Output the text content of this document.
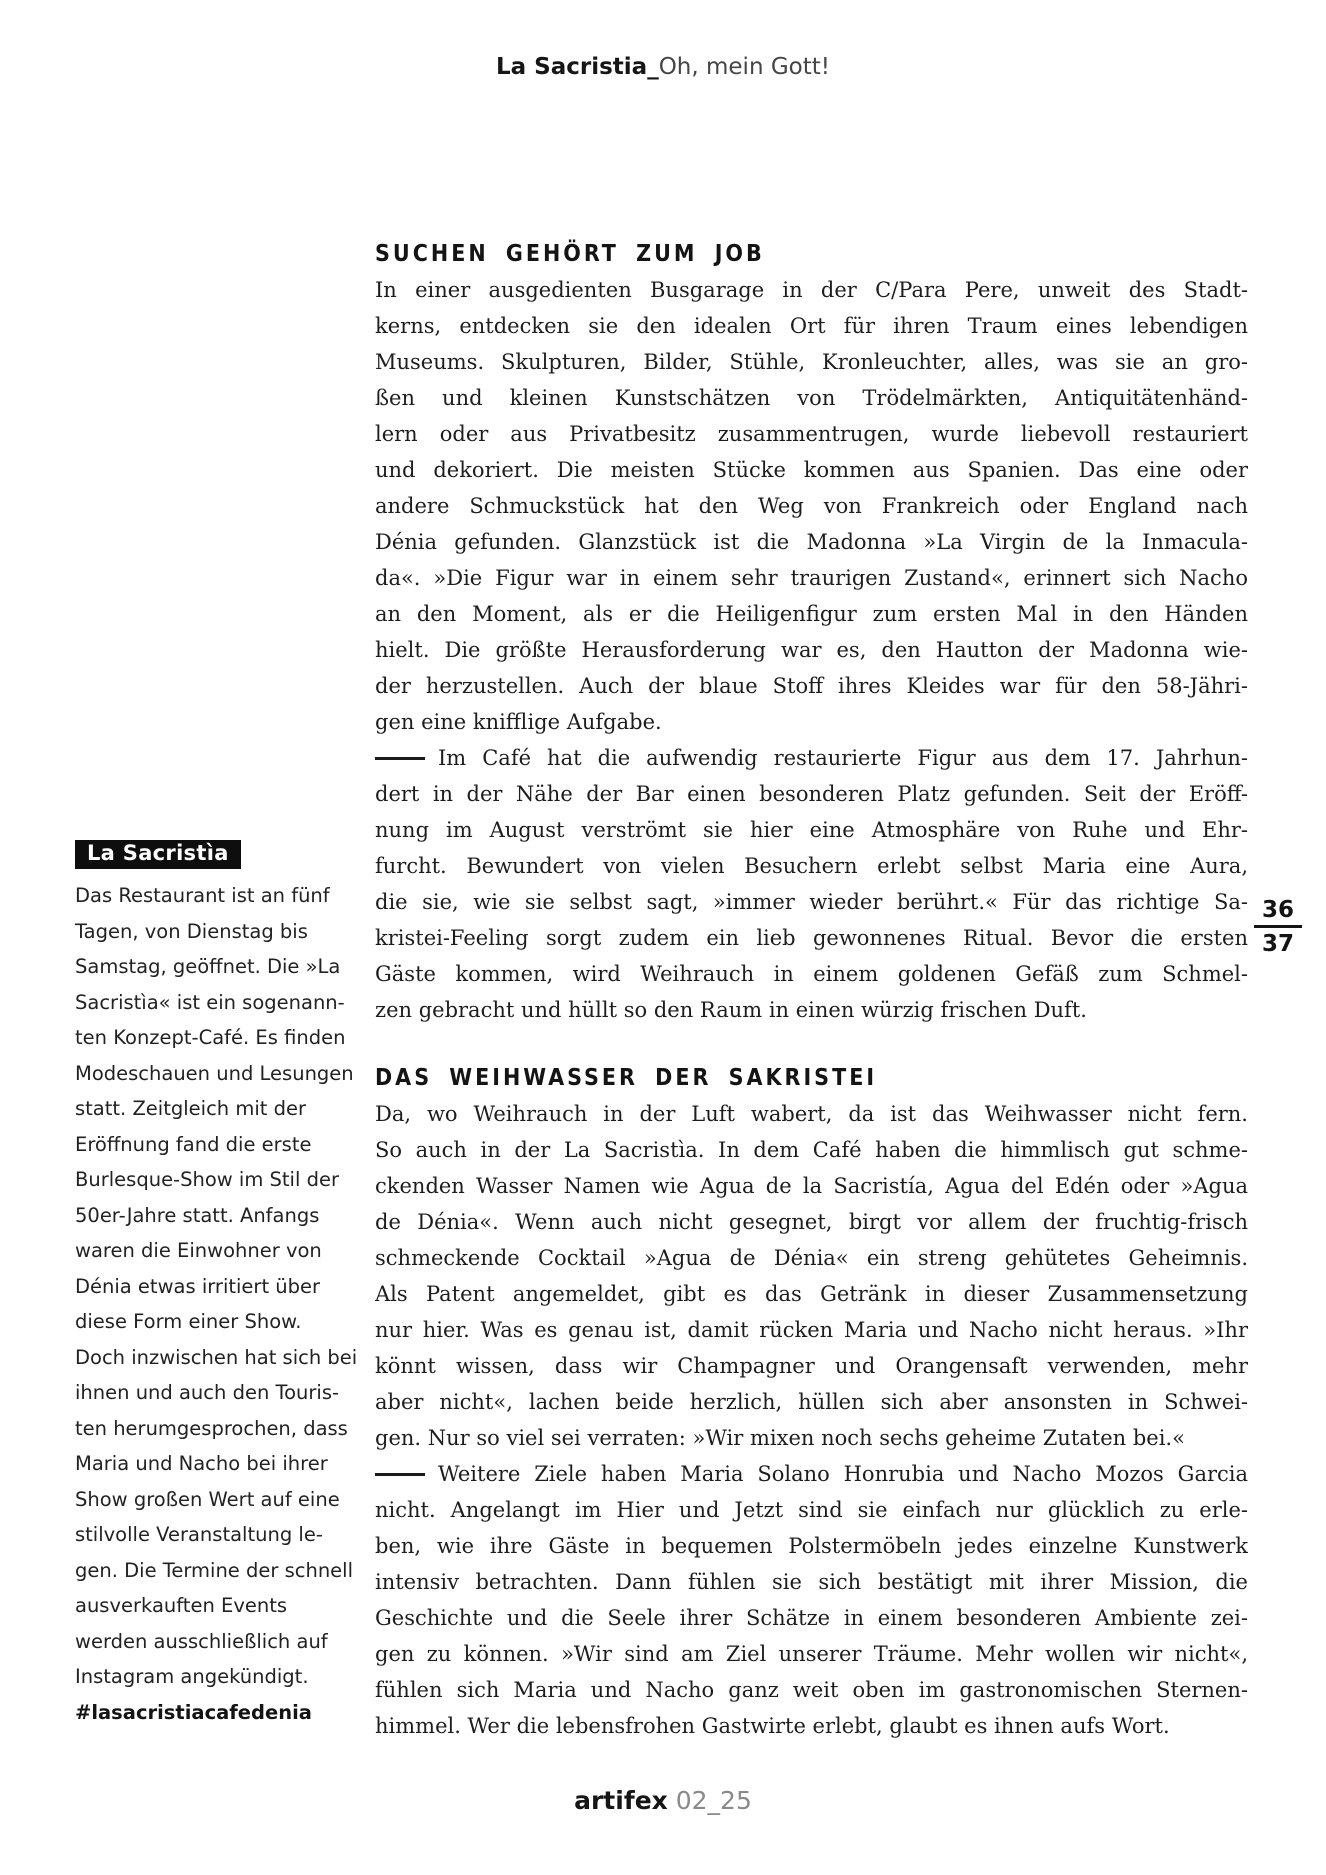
La Sacristia_Oh, mein Gott!
La Sacristìa
Das Restaurant ist an fünf
Tagen, von Dienstag bis
Samstag, geöffnet. Die »La
Sacristìa« ist ein sogenann-
ten Konzept-Café. Es finden
Modeschauen und Lesungen
statt. Zeitgleich mit der
Eröffnung fand die erste
Burlesque-Show im Stil der
50er-Jahre statt. Anfangs
waren die Einwohner von
Dénia etwas irritiert über
diese Form einer Show.
Doch inzwischen hat sich bei
ihnen und auch den Touris-
ten herumgesprochen, dass
Maria und Nacho bei ihrer
Show großen Wert auf eine
stilvolle Veranstaltung le-
gen. Die Termine der schnell
ausverkauften Events
werden ausschließlich auf
Instagram angekündigt.
#lasacristiacafedenia
SUCHEN GEHÖRT ZUM JOB
In einer ausgedienten Busgarage in der C/Para Pere, unweit des Stadt-
kerns, entdecken sie den idealen Ort für ihren Traum eines lebendigen
Museums. Skulpturen, Bilder, Stühle, Kronleuchter, alles, was sie an gro-
ßen und kleinen Kunstschätzen von Trödelmärkten, Antiquitätenhänd-
lern oder aus Privatbesitz zusammentrugen, wurde liebevoll restauriert
und dekoriert. Die meisten Stücke kommen aus Spanien. Das eine oder
andere Schmuckstück hat den Weg von Frankreich oder England nach
Dénia gefunden. Glanzstück ist die Madonna »La Virgin de la Inmacula-
da«. »Die Figur war in einem sehr traurigen Zustand«, erinnert sich Nacho
an den Moment, als er die Heiligenfigur zum ersten Mal in den Händen
hielt. Die größte Herausforderung war es, den Hautton der Madonna wie-
der herzustellen. Auch der blaue Stoff ihres Kleides war für den 58-Jähri-
gen eine knifflige Aufgabe.
Im Café hat die aufwendig restaurierte Figur aus dem 17. Jahrhun-
dert in der Nähe der Bar einen besonderen Platz gefunden. Seit der Eröff-
nung im August verströmt sie hier eine Atmosphäre von Ruhe und Ehr-
furcht. Bewundert von vielen Besuchern erlebt selbst Maria eine Aura,
die sie, wie sie selbst sagt, »immer wieder berührt.« Für das richtige Sa-
kristei-Feeling sorgt zudem ein lieb gewonnenes Ritual. Bevor die ersten
Gäste kommen, wird Weihrauch in einem goldenen Gefäß zum Schmel-
zen gebracht und hüllt so den Raum in einen würzig frischen Duft.
DAS WEIHWASSER DER SAKRISTEI
Da, wo Weihrauch in der Luft wabert, da ist das Weihwasser nicht fern.
So auch in der La Sacristìa. In dem Café haben die himmlisch gut schme-
ckenden Wasser Namen wie Agua de la Sacristía, Agua del Edén oder »Agua
de Dénia«. Wenn auch nicht gesegnet, birgt vor allem der fruchtig-frisch
schmeckende Cocktail »Agua de Dénia« ein streng gehütetes Geheimnis.
Als Patent angemeldet, gibt es das Getränk in dieser Zusammensetzung
nur hier. Was es genau ist, damit rücken Maria und Nacho nicht heraus. »Ihr
könnt wissen, dass wir Champagner und Orangensaft verwenden, mehr
aber nicht«, lachen beide herzlich, hüllen sich aber ansonsten in Schwei-
gen. Nur so viel sei verraten: »Wir mixen noch sechs geheime Zutaten bei.«
Weitere Ziele haben Maria Solano Honrubia und Nacho Mozos Garcia
nicht. Angelangt im Hier und Jetzt sind sie einfach nur glücklich zu erle-
ben, wie ihre Gäste in bequemen Polstermöbeln jedes einzelne Kunstwerk
intensiv betrachten. Dann fühlen sie sich bestätigt mit ihrer Mission, die
Geschichte und die Seele ihrer Schätze in einem besonderen Ambiente zei-
gen zu können. »Wir sind am Ziel unserer Träume. Mehr wollen wir nicht«,
fühlen sich Maria und Nacho ganz weit oben im gastronomischen Sternen-
himmel. Wer die lebensfrohen Gastwirte erlebt, glaubt es ihnen aufs Wort.
36
37
artifex 02_25
